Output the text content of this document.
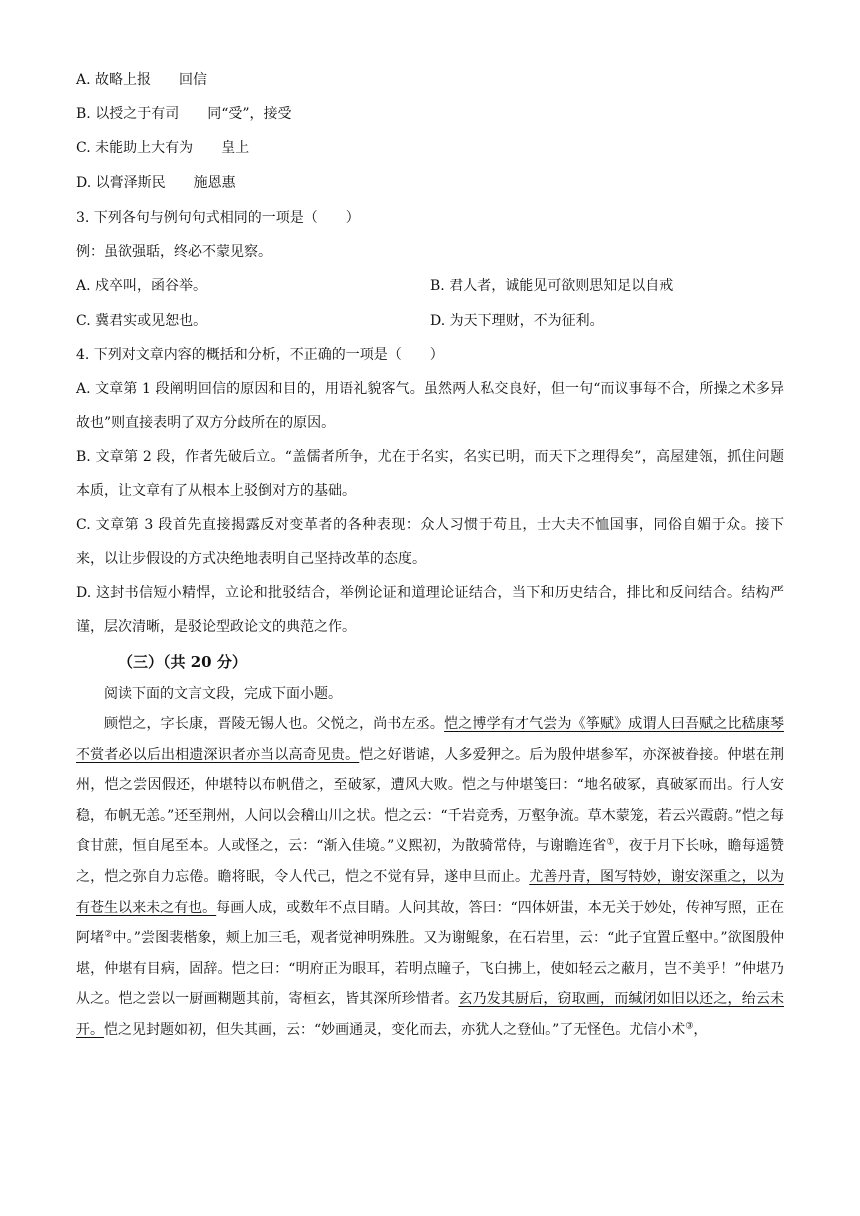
A. 故略上报　　回信
B. 以授之于有司　　同“受”，接受
C. 未能助上大有为　　皇上
D. 以膏泽斯民　　施恩惠
3. 下列各句与例句句式相同的一项是（　　）
例：虽欲强聒，终必不蒙见察。
A. 戍卒叫，函谷举。	B. 君人者，诚能见可欲则思知足以自戒
C. 冀君实或见恕也。	D. 为天下理财，不为征利。
4. 下列对文章内容的概括和分析，不正确的一项是（　　）
A. 文章第 1 段阐明回信的原因和目的，用语礼貌客气。虽然两人私交良好，但一句“而议事每不合，所操之术多异故也”则直接表明了双方分歧所在的原因。
B. 文章第 2 段，作者先破后立。“盖儒者所争，尤在于名实，名实已明，而天下之理得矣”，高屋建瓴，抓住问题本质，让文章有了从根本上驳倒对方的基础。
C. 文章第 3 段首先直接揭露反对变革者的各种表现：众人习惯于苟且，士大夫不恤国事，同俗自媚于众。接下来，以让步假设的方式决绝地表明自己坚持改革的态度。
D. 这封书信短小精悍，立论和批驳结合，举例论证和道理论证结合，当下和历史结合，排比和反问结合。结构严谨，层次清晰，是驳论型政论文的典范之作。
（三）（共 20 分）
阅读下面的文言文段，完成下面小题。
顾恺之，字长康，晋陵无锡人也。父悦之，尚书左丞。恺之博学有才气尝为《筝赋》成谓人曰吾赋之比嵇康琴不赏者必以后出相遗深识者亦当以高奇见贵。恺之好谐谑，人多爱狎之。后为殷仲堪参军，亦深被眷接。仲堪在荆州，恺之尝因假还，仲堪特以布帆借之，至破冢，遭风大败。恺之与仲堪笺曰：“地名破冢，真破冢而出。行人安稳，布帆无恙。”还至荆州，人问以会稽山川之状。恺之云：“千岩竞秀，万壑争流。草木蒙笼，若云兴霞蔚。”恺之每食甘蔗，恒自尾至本。人或怪之，云：“渐入佳境。”义熙初，为散骑常侍，与谢瞻连省①，夜于月下长咏，瞻每遥赞之，恺之弥自力忘倦。瞻将眠，令人代己，恺之不觉有异，遂申旦而止。尤善丹青，图写特妙，谢安深重之，以为有苍生以来未之有也。每画人成，或数年不点目睛。人问其故，答曰：“四体妍蚩，本无关于妙处，传神写照，正在阿堵②中。”尝图裴楷象，颊上加三毛，观者觉神明殊胜。又为谢鲲象，在石岩里，云：“此子宜置丘壑中。”欲图殷仲堪，仲堪有目病，固辞。恺之曰：“明府正为眼耳，若明点瞳子，飞白拂上，使如轻云之蔽月，岂不美乎！”仲堪乃从之。恺之尝以一厨画糊题其前，寄桓玄，皆其深所珍惜者。玄乃发其厨后，窃取画，而缄闭如旧以还之，绐云未开。恺之见封题如初，但失其画，云：“妙画通灵，变化而去，亦犹人之登仙。”了无怪色。尤信小术③，
